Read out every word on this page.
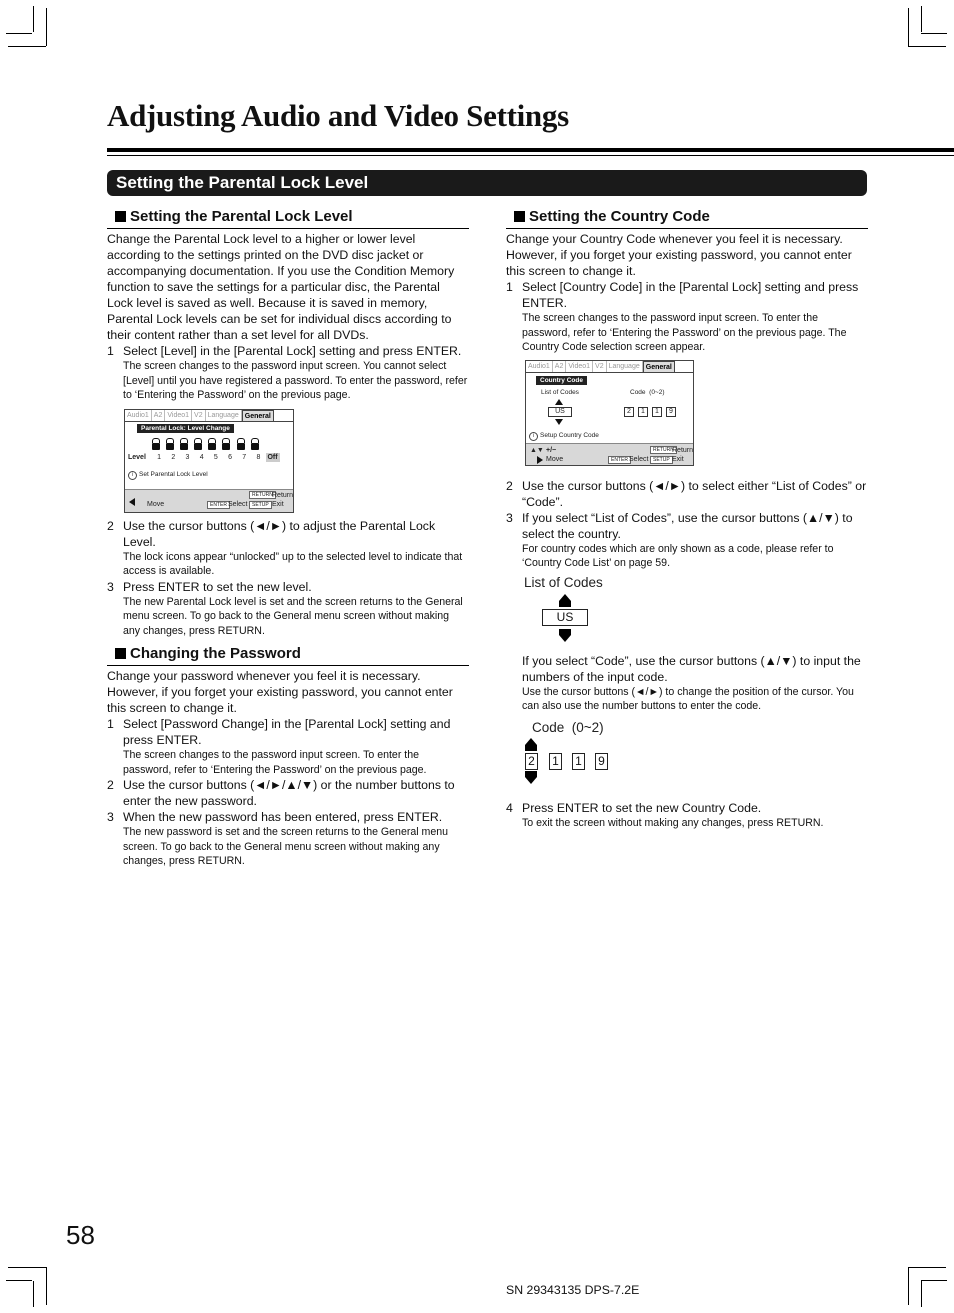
Adjusting Audio and Video Settings
Setting the Parental Lock Level
Setting the Parental Lock Level

Change the Parental Lock level to a higher or lower level according to the settings printed on the DVD disc jacket or accompanying documentation. If you use the Condition Memory function to save the settings for a particular disc, the Parental Lock level is saved as well. Because it is saved in memory, Parental Lock levels can be set for individual discs according to their content rather than a set level for all DVDs.

1 Select [Level] in the [Parental Lock] setting and press ENTER.

The screen changes to the password input screen. You cannot select [Level] until you have registered a password. To enter the password, refer to ‘Entering the Password’ on the previous page.

Audio1 A2 Video1 V2 Language General
Parental Lock: Level Change
Level 1 2 3 4 5 6 7 8 Off
i Set Parental Lock Level
Move	ENTER Select
RETURN Return
SETUP Exit
2 Use the cursor buttons (◄/►) to adjust the Parental Lock Level.

The lock icons appear “unlocked” up to the selected level to indicate that access is available.

3 Press ENTER to set the new level.

The new Parental Lock level is set and the screen returns to the General menu screen. To go back to the General menu screen without making any changes, press RETURN.

Changing the Password

Change your password whenever you feel it is necessary. However, if you forget your existing password, you cannot enter this screen to change it.

1 Select [Password Change] in the [Parental Lock] setting and press ENTER.

The screen changes to the password input screen. To enter the password, refer to ‘Entering the Password’ on the previous page.

2 Use the cursor buttons (◄/►/▲/▼) or the number buttons to enter the new password.
3 When the new password has been entered, press ENTER.

The new password is set and the screen returns to the General menu screen. To go back to the General menu screen without making any changes, press RETURN.

Setting the Country Code

Change your Country Code whenever you feel it is necessary. However, if you forget your existing password, you cannot enter this screen to change it.

1 Select [Country Code] in the [Parental Lock] setting and press ENTER.

The screen changes to the password input screen. To enter the password, refer to ‘Entering the Password’ on the previous page. The Country Code selection screen appear.

Audio1 A2 Video1 V2 Language General
Country Code
List of Codes	Code  (0~2)
US	2	1	1	9
i Setup Country Code
▲▼ +/−
Move	ENTER Select
RETURN
Return
SETUP Exit
2 Use the cursor buttons (◄/►) to select either “List of Codes” or “Code”.
3 If you select “List of Codes”, use the cursor buttons (▲/▼) to select the country.

For country codes which are only shown as a code, please refer to ‘Country Code List’ on page 59.

List of Codes
US
If you select “Code”, use the cursor buttons (▲/▼) to input the numbers of the input code.

Use the cursor buttons (◄/►) to change the position of the cursor. You can also use the number buttons to enter the code.

Code  (0~2)
2 1 1 9
4 Press ENTER to set the new Country Code.

To exit the screen without making any changes, press RETURN.

58
SN 29343135 DPS-7.2E
